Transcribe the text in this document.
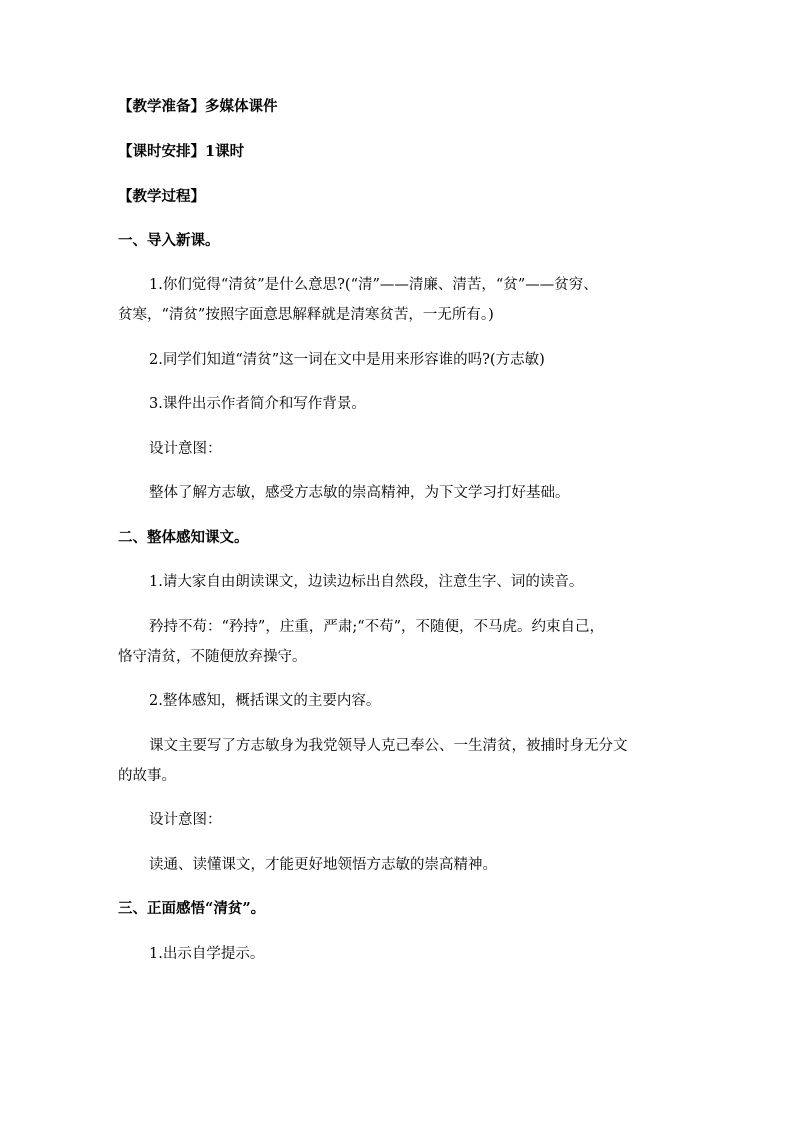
【教学准备】多媒体课件
【课时安排】1课时
【教学过程】
一、导入新课。
1.你们觉得“清贫”是什么意思?(“清”——清廉、清苦，“贫”——贫穷、
贫寒，“清贫”按照字面意思解释就是清寒贫苦，一无所有。)
2.同学们知道“清贫”这一词在文中是用来形容谁的吗?(方志敏)
3.课件出示作者简介和写作背景。
设计意图：
整体了解方志敏，感受方志敏的崇高精神，为下文学习打好基础。
二、整体感知课文。
1.请大家自由朗读课文，边读边标出自然段，注意生字、词的读音。
矜持不苟：“矜持”，庄重，严肃;“不苟”，不随便，不马虎。约束自己，
恪守清贫，不随便放弃操守。
2.整体感知，概括课文的主要内容。
课文主要写了方志敏身为我党领导人克己奉公、一生清贫，被捕时身无分文
的故事。
设计意图：
读通、读懂课文，才能更好地领悟方志敏的崇高精神。
三、正面感悟“清贫”。
1.出示自学提示。
